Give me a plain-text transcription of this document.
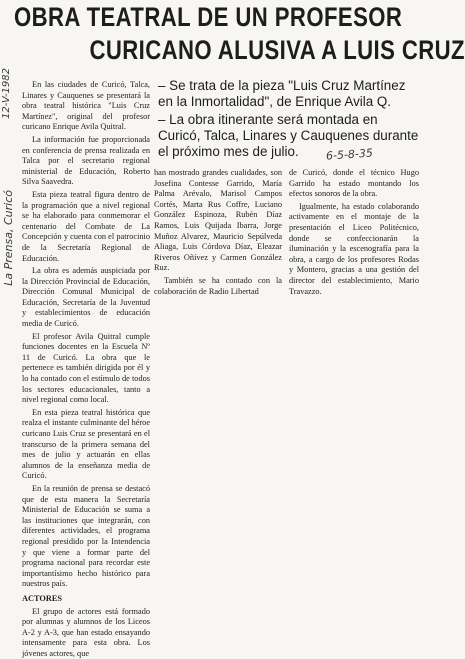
OBRA TEATRAL DE UN PROFESOR
CURICANO ALUSIVA A LUIS CRUZ

– Se trata de la pieza "Luis Cruz Martínez en la Inmortalidad", de Enrique Avila Q.

– La obra itinerante será montada en Curicó, Talca, Linares y Cauquenes durante el próximo mes de julio.

12-V-1982
6-5-8-35
La Prensa, Curicó

En las ciudades de Curicó, Talca, Linares y Cauquenes se presentará la obra teatral histórica "Luis Cruz Martínez", original del profesor curicano Enrique Avila Quitral.

La información fue proporcionada en conferencia de prensa realizada en Talca por el secretario regional ministerial de Educación, Roberto Silva Saavedra.

Esta pieza teatral figura dentro de la programación que a nivel regional se ha elaborado para conmemorar el centenario del Combate de La Concepción y cuenta con el patrocinio de la Secretaría Regional de Educación.

La obra es además auspiciada por la Dirección Provincial de Educación, Dirección Comunal Municipal de Educación, Secretaría de la Juventud y establecimientos de educación media de Curicó.

El profesor Avila Quitral cumple funciones docentes en la Escuela Nº 11 de Curicó. La obra que le pertenece es también dirigida por él y lo ha contado con el estímulo de todos los sectores educacionales, tanto a nivel regional como local.

En esta pieza teatral histórica que realza el instante culminante del héroe curicano Luis Cruz se presentará en el transcurso de la primera semana del mes de julio y actuarán en ellas alumnos de la enseñanza media de Curicó.

En la reunión de prensa se destacó que de esta manera la Secretaría Ministerial de Educación se suma a las instituciones que integrarán, con diferentes actividades, el programa regional presidido por la Intendencia y que viene a formar parte del programa nacional para recordar este importantísimo hecho histórico para nuestros país.

ACTORES

El grupo de actores está formado por alumnas y alumnos de los Liceos A-2 y A-3, que han estado ensayando intensamente para esta obra. Los jóvenes actores, que

han mostrado grandes cualidades, son Josefina Contesse Garrido, María Palma Arévalo, Marisol Campos Cortés, Marta Rus Coffre, Luciano González Espinoza, Rubén Díaz Ramos, Luis Quijada Ibarra, Jorge Muñoz Alvarez, Mauricio Sepúlveda Aliaga, Luis Córdova Díaz, Eleazar Riveros Oñívez y Carmen González Ruz.

También se ha contado con la colaboración de Radio Libertad

de Curicó, donde el técnico Hugo Garrido ha estado montando los efectos sonoros de la obra.

Igualmente, ha estado colaborando activamente en el montaje de la presentación el Liceo Politécnico, donde se confeccionarán la iluminación y la escenografía para la obra, a cargo de los profesores Rodas y Montero, gracias a una gestión del director del establecimiento, Mario Travazzo.
